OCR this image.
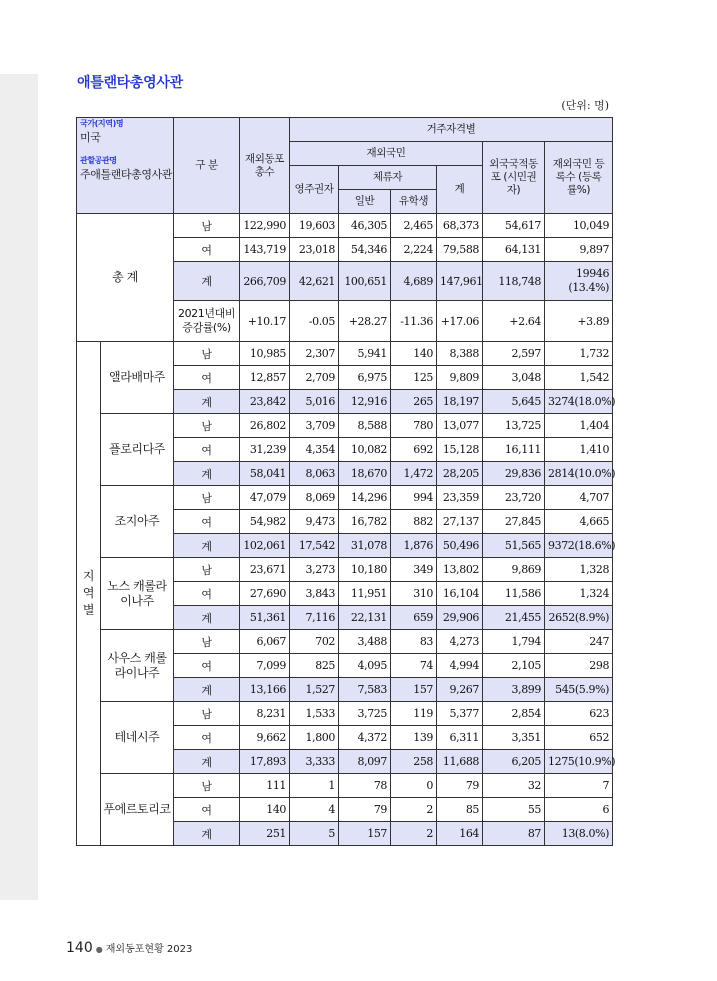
애틀랜타총영사관
(단위: 명)
국가(지역)명
미국
관할공관명
주애틀랜타총영사관		구 분	재외동포 총수	거주자격별					
				재외국민				외국국적동포 (시민권자)	재외국민 등록수 (등록률%)
				영주권자	체류자		계		
					일반	유학생			
총 계		남	122,990	19,603	46,305	2,465	68,373	54,617	10,049
		여	143,719	23,018	54,346	2,224	79,588	64,131	9,897
		계	266,709	42,621	100,651	4,689	147,961	118,748	19946 (13.4%)
		2021년대비 증감률(%)	+10.17	-0.05	+28.27	-11.36	+17.06	+2.64	+3.89
지 역 별	앨라배마주	남	10,985	2,307	5,941	140	8,388	2,597	1,732
		여	12,857	2,709	6,975	125	9,809	3,048	1,542
		계	23,842	5,016	12,916	265	18,197	5,645	3274(18.0%)
	플로리다주	남	26,802	3,709	8,588	780	13,077	13,725	1,404
		여	31,239	4,354	10,082	692	15,128	16,111	1,410
		계	58,041	8,063	18,670	1,472	28,205	29,836	2814(10.0%)
	조지아주	남	47,079	8,069	14,296	994	23,359	23,720	4,707
		여	54,982	9,473	16,782	882	27,137	27,845	4,665
		계	102,061	17,542	31,078	1,876	50,496	51,565	9372(18.6%)
	노스 캐롤라이나주	남	23,671	3,273	10,180	349	13,802	9,869	1,328
		여	27,690	3,843	11,951	310	16,104	11,586	1,324
		계	51,361	7,116	22,131	659	29,906	21,455	2652(8.9%)
	사우스 캐롤라이나주	남	6,067	702	3,488	83	4,273	1,794	247
		여	7,099	825	4,095	74	4,994	2,105	298
		계	13,166	1,527	7,583	157	9,267	3,899	545(5.9%)
	테네시주	남	8,231	1,533	3,725	119	5,377	2,854	623
		여	9,662	1,800	4,372	139	6,311	3,351	652
		계	17,893	3,333	8,097	258	11,688	6,205	1275(10.9%)
	푸에르토리코	남	111	1	78	0	79	32	7
		여	140	4	79	2	85	55	6
		계	251	5	157	2	164	87	13(8.0%)
140 ● 재외동포현황 2023
